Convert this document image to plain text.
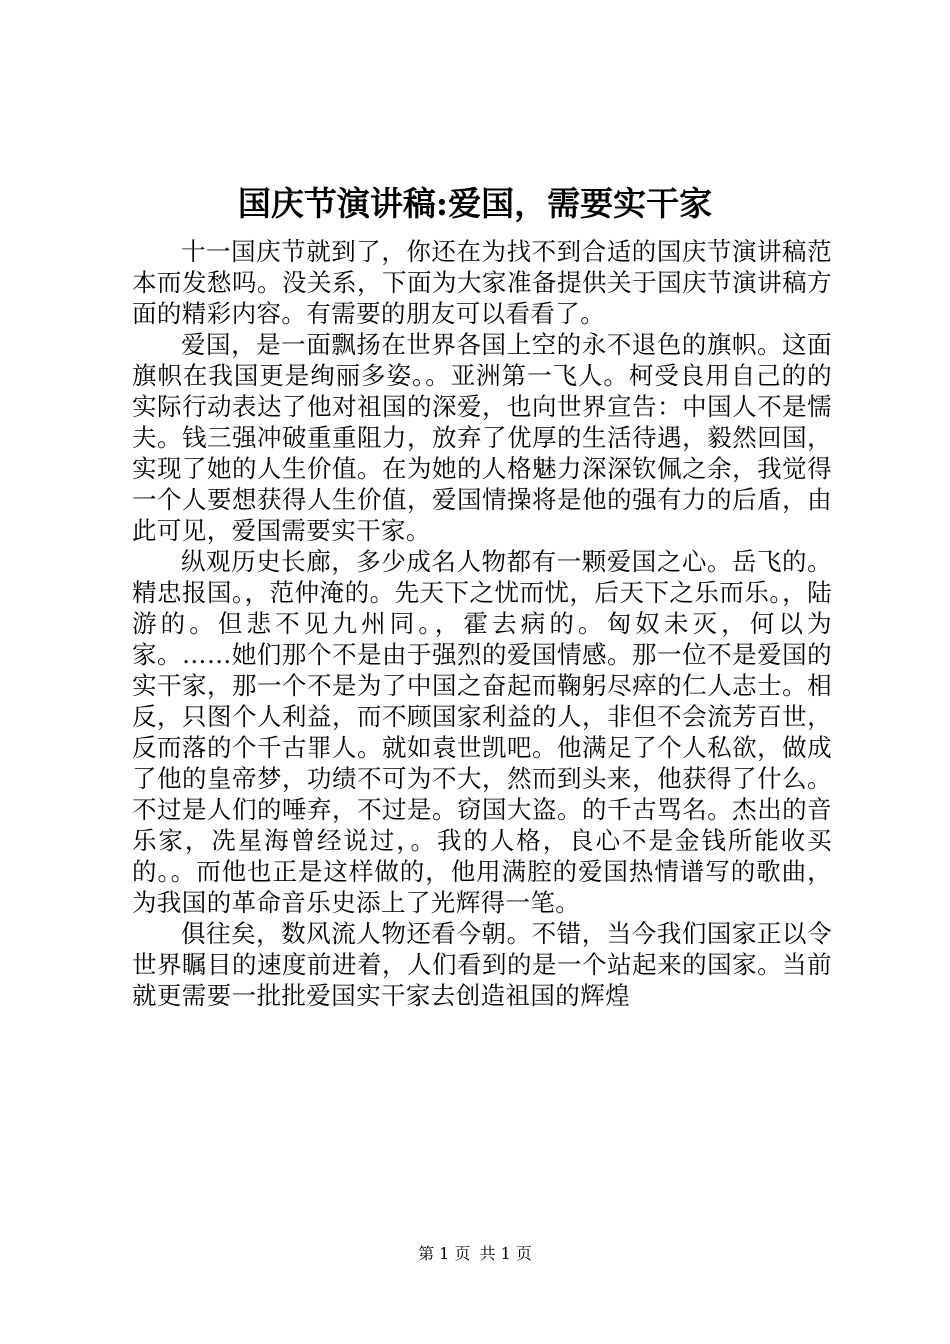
国庆节演讲稿:爱国，需要实干家

十一国庆节就到了，你还在为找不到合适的国庆节演讲稿范本而发愁吗。没关系，下面为大家准备提供关于国庆节演讲稿方面的精彩内容。有需要的朋友可以看看了。

爱国，是一面飘扬在世界各国上空的永不退色的旗帜。这面旗帜在我国更是绚丽多姿。。亚洲第一飞人。柯受良用自己的的实际行动表达了他对祖国的深爱，也向世界宣告：中国人不是懦夫。钱三强冲破重重阻力，放弃了优厚的生活待遇，毅然回国，实现了她的人生价值。在为她的人格魅力深深钦佩之余，我觉得一个人要想获得人生价值，爱国情操将是他的强有力的后盾，由此可见，爱国需要实干家。

纵观历史长廊，多少成名人物都有一颗爱国之心。岳飞的。精忠报国。，范仲淹的。先天下之忧而忧，后天下之乐而乐。，陆游的。但悲不见九州同。，霍去病的。匈奴未灭，何以为家。……她们那个不是由于强烈的爱国情感。那一位不是爱国的实干家，那一个不是为了中国之奋起而鞠躬尽瘁的仁人志士。相反，只图个人利益，而不顾国家利益的人，非但不会流芳百世，反而落的个千古罪人。就如袁世凯吧。他满足了个人私欲，做成了他的皇帝梦，功绩不可为不大，然而到头来，他获得了什么。不过是人们的唾弃，不过是。窃国大盗。的千古骂名。杰出的音乐家，冼星海曾经说过，。我的人格，良心不是金钱所能收买的。。而他也正是这样做的，他用满腔的爱国热情谱写的歌曲，为我国的革命音乐史添上了光辉得一笔。

俱往矣，数风流人物还看今朝。不错，当今我们国家正以令世界瞩目的速度前进着，人们看到的是一个站起来的国家。当前就更需要一批批爱国实干家去创造祖国的辉煌

第 1 页 共 1 页
